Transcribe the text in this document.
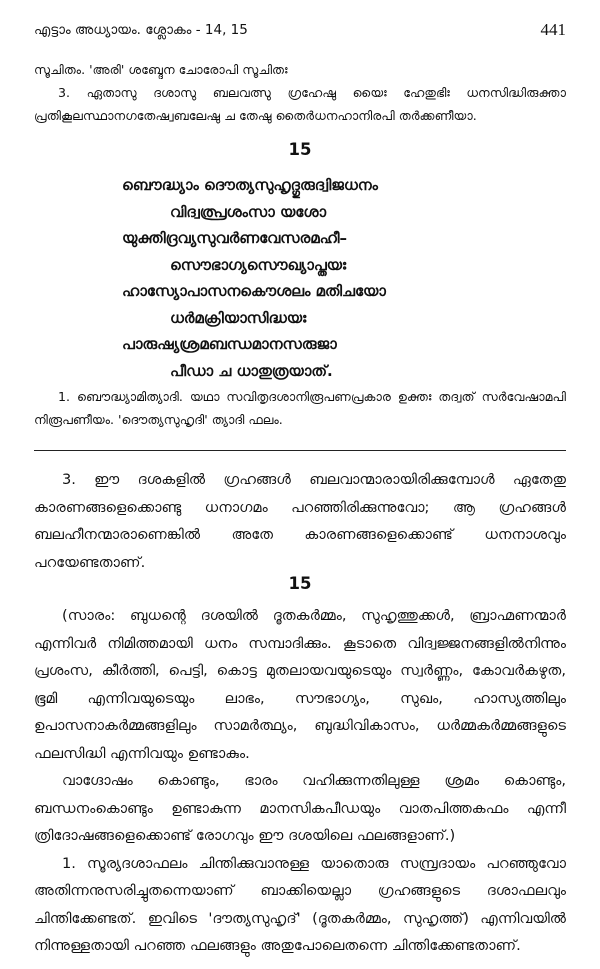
എട്ടാം അധ്യായം. ശ്ലോകം - 14, 15	441

സൂചിതം. 'അരി' ശബ്ദേന ചോരോപി സൂചിതഃ

3. ഏതാസു ദശാസു ബലവത്സു ഗ്രഹേഷു യൈഃ ഹേതുഭിഃ ധനസിദ്ധിരുക്താ പ്രതികൂലസ്ഥാനഗതേഷ്വബലേഷു ച തേഷു തൈർധനഹാനിരപി തർക്കണീയാ.

15
ബൌദ്ധ്യാം ദൌത്യസുഹൃദ്ഗുരുദ്വിജധനം
വിദ്വത്പ്രശംസാ യശോ
യുക്തിദ്രവ്യസുവർണവേസരമഹീ–
സൌഭാഗ്യസൌഖ്യാപ്തയഃ
ഹാസ്യോപാസനകൌശലം മതിചയോ
ധർമക്രിയാസിദ്ധയഃ
പാരുഷ്യശ്രമബന്ധമാനസരുജാ
പീഡാ ച ധാതുത്രയാത്.

1. ബൌദ്ധ്യാമിത്യാദി. യഥാ സവിതൃദശാനിരൂപണപ്രകാര ഉക്തഃ തദ്വത് സർവേഷാമപി നിരൂപണീയം. 'ദൌത്യസുഹൃദി' ത്യാദി ഫലം.

3. ഈ ദശകളിൽ ഗ്രഹങ്ങൾ ബലവാന്മാരായിരിക്കുമ്പോൾ ഏതേതു കാരണങ്ങളെക്കൊണ്ടു ധനാഗമം പറഞ്ഞിരിക്കുന്നുവോ; ആ ഗ്രഹങ്ങൾ ബലഹീനന്മാരാണെങ്കിൽ അതേ കാരണങ്ങളെക്കൊണ്ട് ധനനാശവും പറയേണ്ടതാണ്.

15

(സാരം: ബുധന്റെ ദശയിൽ ദൂതകർമ്മം, സുഹൃത്തുക്കൾ, ബ്രാഹ്മണന്മാർ എന്നിവർ നിമിത്തമായി ധനം സമ്പാദിക്കും. കൂടാതെ വിദ്വജ്ജനങ്ങളിൽനിന്നും പ്രശംസ, കീർത്തി, പെട്ടി, കൊട്ട മുതലായവയുടെയും സ്വർണ്ണം, കോവർകഴുത, ഭൂമി എന്നിവയുടെയും ലാഭം, സൗഭാഗ്യം, സുഖം, ഹാസ്യത്തിലും ഉപാസനാകർമ്മങ്ങളിലും സാമർത്ഥ്യം, ബുദ്ധിവികാസം, ധർമ്മകർമ്മങ്ങളുടെ ഫലസിദ്ധി എന്നിവയും ഉണ്ടാകും.

വാഗ്ദോഷം കൊണ്ടും, ഭാരം വഹിക്കുന്നതിലുള്ള ശ്രമം കൊണ്ടും, ബന്ധനംകൊണ്ടും ഉണ്ടാകുന്ന മാനസികപീഡയും വാതപിത്തകഫം എന്നീ ത്രിദോഷങ്ങളെക്കൊണ്ട് രോഗവും ഈ ദശയിലെ ഫലങ്ങളാണ്.)

1. സൂര്യദശാഫലം ചിന്തിക്കുവാനുള്ള യാതൊരു സമ്പ്രദായം പറഞ്ഞുവോ അതിന്നനുസരിച്ചുതന്നെയാണ് ബാക്കിയെല്ലാ ഗ്രഹങ്ങളുടെ ദശാഫലവും ചിന്തിക്കേണ്ടത്. ഇവിടെ 'ദൗത്യസുഹൃദ്' (ദൂതകർമ്മം, സുഹൃത്ത്) എന്നിവയിൽ നിന്നുള്ളതായി പറഞ്ഞ ഫലങ്ങളും അതുപോലെതന്നെ ചിന്തിക്കേണ്ടതാണ്.
